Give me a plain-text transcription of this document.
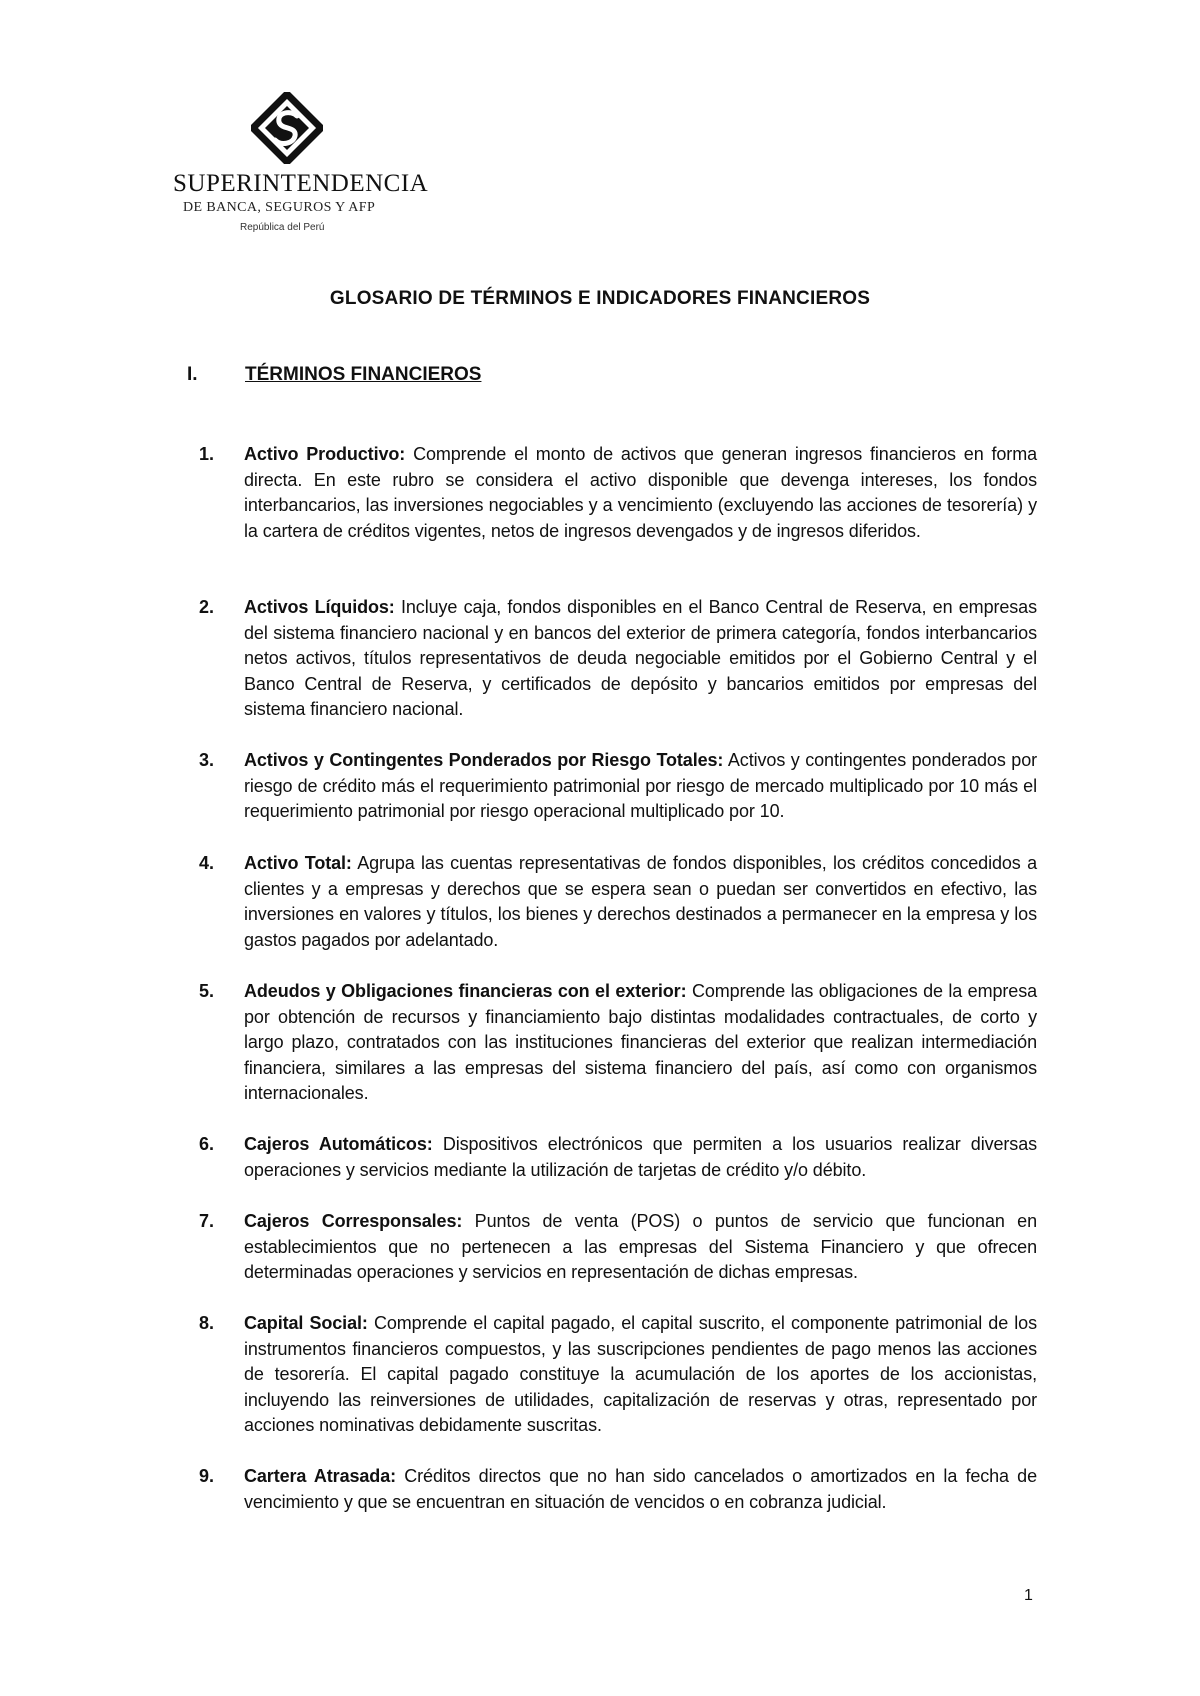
SUPERINTENDENCIA
DE BANCA, SEGUROS Y AFP
República del Perú
GLOSARIO DE TÉRMINOS E INDICADORES FINANCIEROS
I. TÉRMINOS FINANCIEROS
1. Activo Productivo: Comprende el monto de activos que generan ingresos financieros en forma directa. En este rubro se considera el activo disponible que devenga intereses, los fondos interbancarios, las inversiones negociables y a vencimiento (excluyendo las acciones de tesorería) y la cartera de créditos vigentes, netos de ingresos devengados y de ingresos diferidos.
2. Activos Líquidos: Incluye caja, fondos disponibles en el Banco Central de Reserva, en empresas del sistema financiero nacional y en bancos del exterior de primera categoría, fondos interbancarios netos activos, títulos representativos de deuda negociable emitidos por el Gobierno Central y el Banco Central de Reserva, y certificados de depósito y bancarios emitidos por empresas del sistema financiero nacional.
3. Activos y Contingentes Ponderados por Riesgo Totales: Activos y contingentes ponderados por riesgo de crédito más el requerimiento patrimonial por riesgo de mercado multiplicado por 10 más el requerimiento patrimonial por riesgo operacional multiplicado por 10.
4. Activo Total: Agrupa las cuentas representativas de fondos disponibles, los créditos concedidos a clientes y a empresas y derechos que se espera sean o puedan ser convertidos en efectivo, las inversiones en valores y títulos, los bienes y derechos destinados a permanecer en la empresa y los gastos pagados por adelantado.
5. Adeudos y Obligaciones financieras con el exterior: Comprende las obligaciones de la empresa por obtención de recursos y financiamiento bajo distintas modalidades contractuales, de corto y largo plazo, contratados con las instituciones financieras del exterior que realizan intermediación financiera, similares a las empresas del sistema financiero del país, así como con organismos internacionales.
6. Cajeros Automáticos: Dispositivos electrónicos que permiten a los usuarios realizar diversas operaciones y servicios mediante la utilización de tarjetas de crédito y/o débito.
7. Cajeros Corresponsales: Puntos de venta (POS) o puntos de servicio que funcionan en establecimientos que no pertenecen a las empresas del Sistema Financiero y que ofrecen determinadas operaciones y servicios en representación de dichas empresas.
8. Capital Social: Comprende el capital pagado, el capital suscrito, el componente patrimonial de los instrumentos financieros compuestos, y las suscripciones pendientes de pago menos las acciones de tesorería. El capital pagado constituye la acumulación de los aportes de los accionistas, incluyendo las reinversiones de utilidades, capitalización de reservas y otras, representado por acciones nominativas debidamente suscritas.
9. Cartera Atrasada: Créditos directos que no han sido cancelados o amortizados en la fecha de vencimiento y que se encuentran en situación de vencidos o en cobranza judicial.
1
